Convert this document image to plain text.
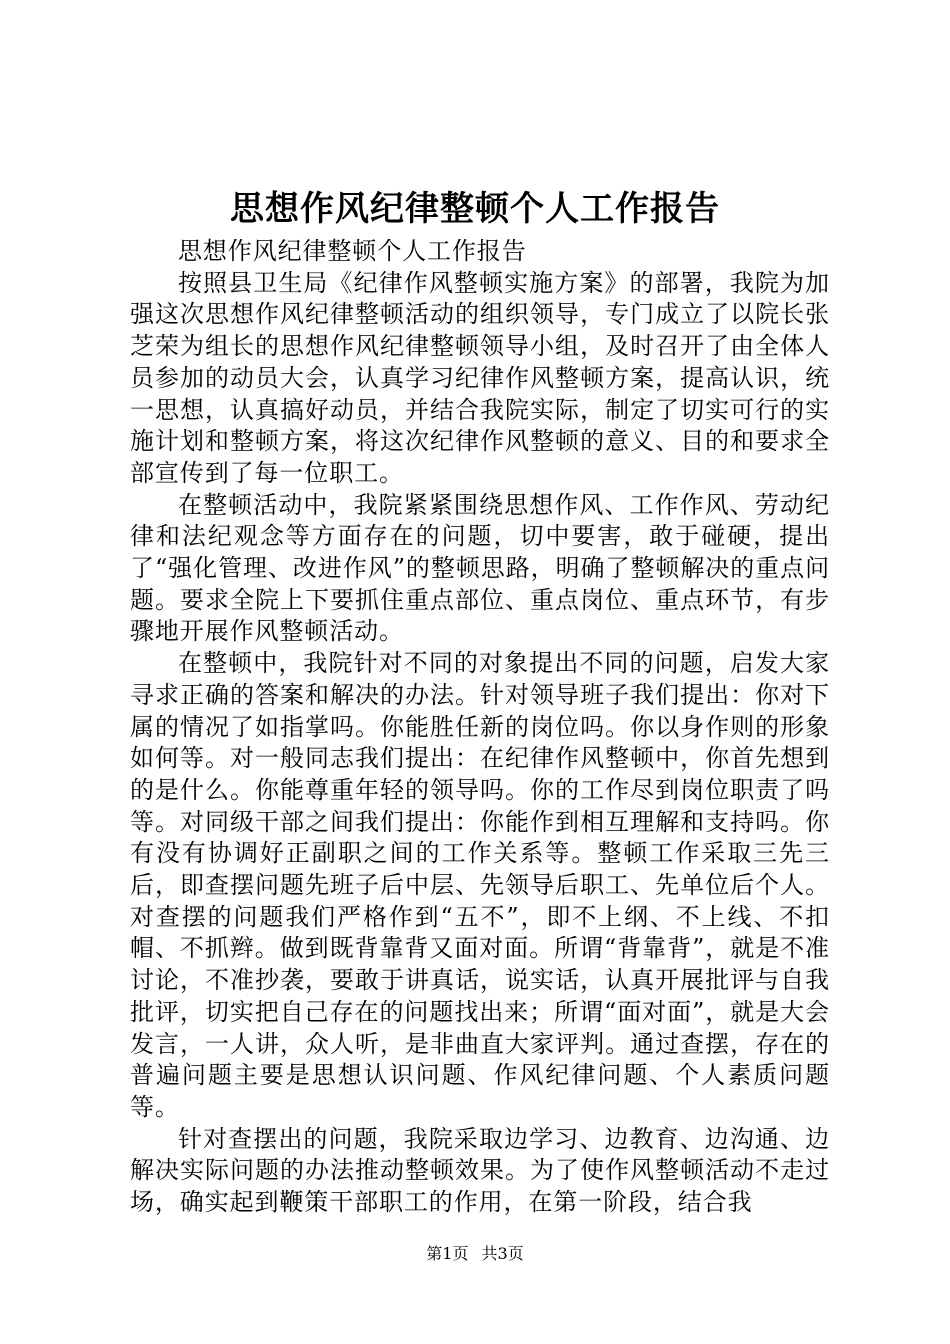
思想作风纪律整顿个人工作报告

思想作风纪律整顿个人工作报告

按照县卫生局《纪律作风整顿实施方案》的部署，我院为加强这次思想作风纪律整顿活动的组织领导，专门成立了以院长张芝荣为组长的思想作风纪律整顿领导小组，及时召开了由全体人员参加的动员大会，认真学习纪律作风整顿方案，提高认识，统一思想，认真搞好动员，并结合我院实际，制定了切实可行的实施计划和整顿方案，将这次纪律作风整顿的意义、目的和要求全部宣传到了每一位职工。

在整顿活动中，我院紧紧围绕思想作风、工作作风、劳动纪律和法纪观念等方面存在的问题，切中要害，敢于碰硬，提出了“强化管理、改进作风”的整顿思路，明确了整顿解决的重点问题。要求全院上下要抓住重点部位、重点岗位、重点环节，有步骤地开展作风整顿活动。

在整顿中，我院针对不同的对象提出不同的问题，启发大家寻求正确的答案和解决的办法。针对领导班子我们提出：你对下属的情况了如指掌吗。你能胜任新的岗位吗。你以身作则的形象如何等。对一般同志我们提出：在纪律作风整顿中，你首先想到的是什么。你能尊重年轻的领导吗。你的工作尽到岗位职责了吗等。对同级干部之间我们提出：你能作到相互理解和支持吗。你有没有协调好正副职之间的工作关系等。整顿工作采取三先三后，即查摆问题先班子后中层、先领导后职工、先单位后个人。对查摆的问题我们严格作到“五不”，即不上纲、不上线、不扣帽、不抓辫。做到既背靠背又面对面。所谓“背靠背”，就是不准讨论，不准抄袭，要敢于讲真话，说实话，认真开展批评与自我批评，切实把自己存在的问题找出来；所谓“面对面”，就是大会发言，一人讲，众人听，是非曲直大家评判。通过查摆，存在的普遍问题主要是思想认识问题、作风纪律问题、个人素质问题等。

针对查摆出的问题，我院采取边学习、边教育、边沟通、边解决实际问题的办法推动整顿效果。为了使作风整顿活动不走过场，确实起到鞭策干部职工的作用，在第一阶段，结合我

第1页 共3页
